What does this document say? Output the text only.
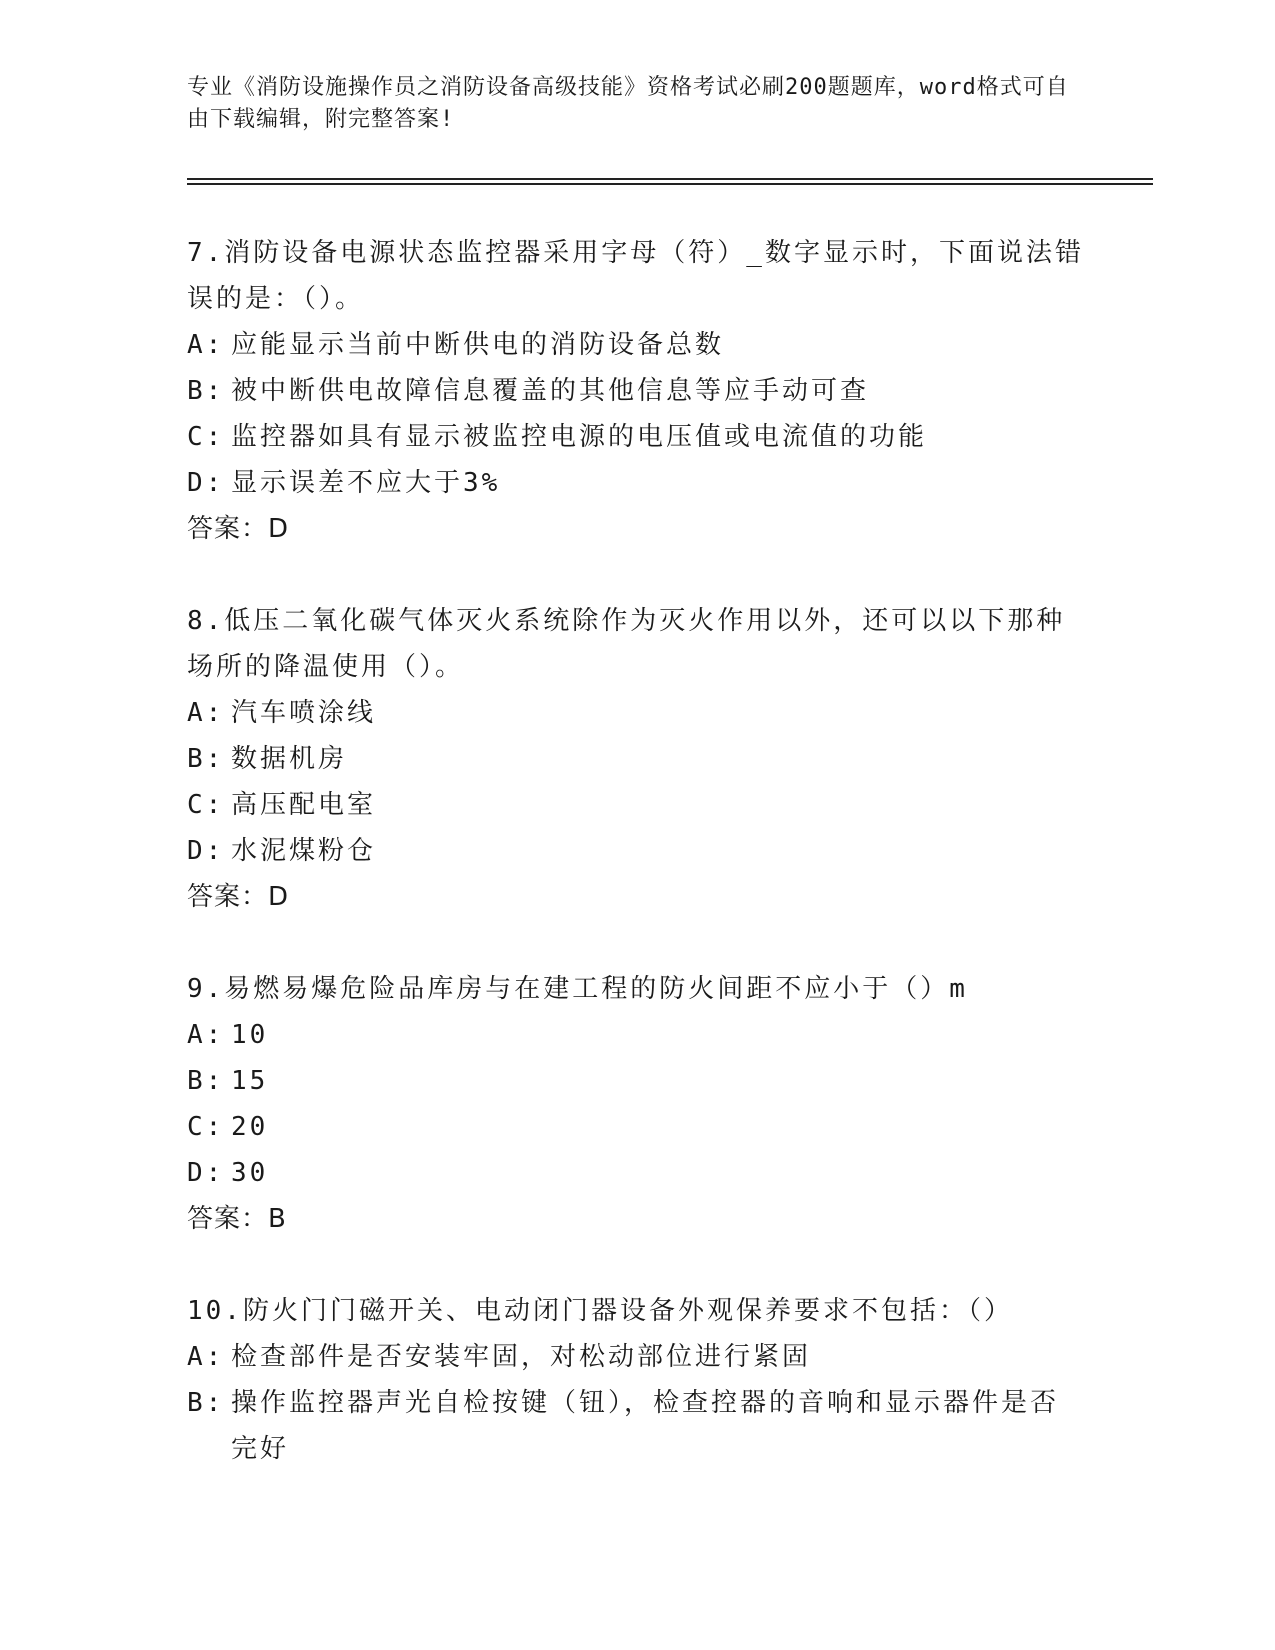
专业《消防设施操作员之消防设备高级技能》资格考试必刷200题题库，word格式可自由下载编辑，附完整答案!
7.消防设备电源状态监控器采用字母（符）_数字显示时，下面说法错误的是：（）。
A: 应能显示当前中断供电的消防设备总数
B: 被中断供电故障信息覆盖的其他信息等应手动可查
C: 监控器如具有显示被监控电源的电压值或电流值的功能
D: 显示误差不应大于3%
答案：D
8.低压二氧化碳气体灭火系统除作为灭火作用以外，还可以以下那种场所的降温使用（）。
A: 汽车喷涂线
B: 数据机房
C: 高压配电室
D: 水泥煤粉仓
答案：D
9.易燃易爆危险品库房与在建工程的防火间距不应小于（）m
A: 10
B: 15
C: 20
D: 30
答案：B
10.防火门门磁开关、电动闭门器设备外观保养要求不包括：（）
A: 检查部件是否安装牢固，对松动部位进行紧固
B: 操作监控器声光自检按键（钮），检查控器的音响和显示器件是否完好
